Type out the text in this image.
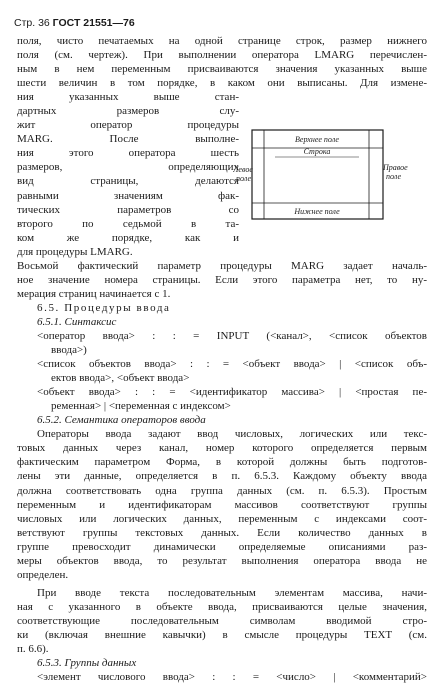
Стр. 36 ГОСТ 21551—76
Верхнее поле
Строка
Левое
поле
Правое
поле
Нижнее поле
поля, чисто печатаемых на одной странице строк, размер нижнего
поля (см. чертеж). При выполнении оператора LMARG перечислен-
ным в нем переменным присваиваются значения указанных выше
шести величин в том порядке, в каком они выписаны. Для измене-
ния указанных выше стан-
дартных размеров слу-
жит оператор процедуры
MARG. После выполне-
ния этого оператора шесть
размеров, определяющих
вид страницы, делаются
равными значениям фак-
тических параметров со
второго по седьмой в та-
ком же порядке, как и
для процедуры LMARG.
Восьмой фактический параметр процедуры MARG задает началь-
ное значение номера страницы. Если этого параметра нет, то ну-
мерация страниц начинается с 1.
6.5. Процедуры ввода
6.5.1. Синтаксис
<оператор ввода> : : = INPUT (<канал>, <список объектов
ввода>)
<список объектов ввода> : : = <объект ввода> | <список объ-
ектов ввода>, <объект ввода>
<объект ввода> : : = <идентификатор массива> | <простая пе-
ременная> | <переменная с индексом>
6.5.2. Семантика операторов ввода
Операторы ввода задают ввод числовых, логических или текс-
товых данных через канал, номер которого определяется первым
фактическим параметром Форма, в которой должны быть подготов-
лены эти данные, определяется в п. 6.5.3. Каждому объекту ввода
должна соответствовать одна группа данных (см. п. 6.5.3). Простым
переменным и идентификаторам массивов соответствуют группы
числовых или логических данных, переменным с индексами соот-
ветствуют группы текстовых данных. Если количество данных в
группе превосходит динамически определяемые описаниями раз-
меры объектов ввода, то результат выполнения оператора ввода не
определен.
При вводе текста последовательным элементам массива, начи-
ная с указанного в объекте ввода, присваиваются целые значения,
соответствующие последовательным символам вводимой стро-
ки (включая внешние кавычки) в смысле процедуры TEXT (см.
п. 6.6).
6.5.3. Группы данных
<элемент числового ввода> : : = <число> | <комментарий>
